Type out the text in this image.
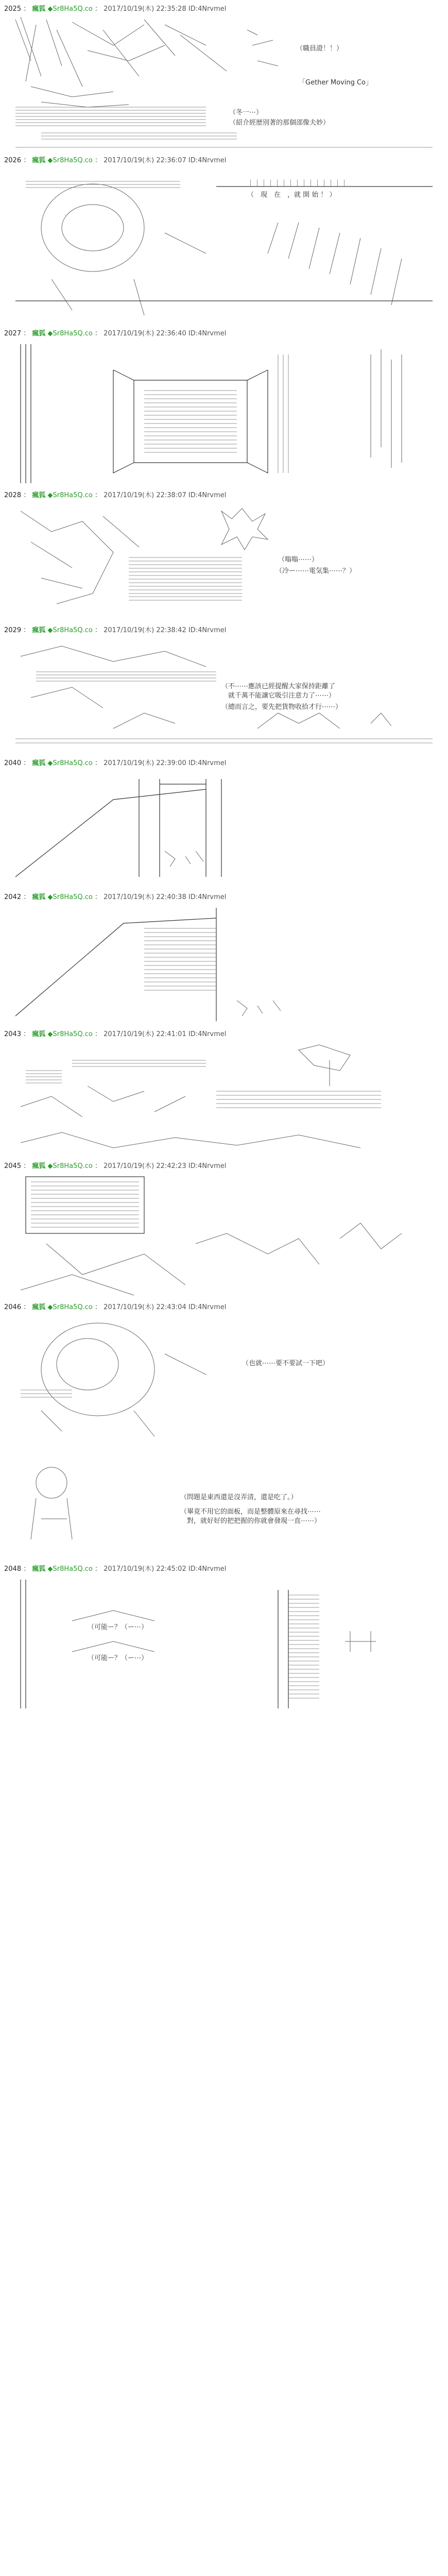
2025 ： 瘋狐 ◆Sr8Ha5Q.co ： 2017/10/19(木) 22:35:28 ID:4Nrvmel
（職員證！！）
「Gether Moving Co」
（冬一⋯）
（紹介經歴別著的那個邵像夫妙）
2026 ： 瘋狐 ◆Sr8Ha5Q.co ： 2017/10/19(木) 22:36:07 ID:4Nrvmel
｜｜｜｜｜｜｜｜｜｜｜｜｜｜｜
（　現　在　，就 開 始 ！ ）
2027 ： 瘋狐 ◆Sr8Ha5Q.co ： 2017/10/19(木) 22:36:40 ID:4Nrvmel
2028 ： 瘋狐 ◆Sr8Ha5Q.co ： 2017/10/19(木) 22:38:07 ID:4Nrvmel
（嗡嗡⋯⋯）
（冷ー⋯⋯電気集⋯⋯？）
2029 ： 瘋狐 ◆Sr8Ha5Q.co ： 2017/10/19(木) 22:38:42 ID:4Nrvmel
（不⋯⋯應該已經提醒大家保持距離了
　就千萬不能讓它吸引注意力了⋯⋯）
（總而言之，要先把貨物收拾才行⋯⋯）
2040 ： 瘋狐 ◆Sr8Ha5Q.co ： 2017/10/19(木) 22:39:00 ID:4Nrvmel
2042 ： 瘋狐 ◆Sr8Ha5Q.co ： 2017/10/19(木) 22:40:38 ID:4Nrvmel
2043 ： 瘋狐 ◆Sr8Ha5Q.co ： 2017/10/19(木) 22:41:01 ID:4Nrvmel
2045 ： 瘋狐 ◆Sr8Ha5Q.co ： 2017/10/19(木) 22:42:23 ID:4Nrvmel
2046 ： 瘋狐 ◆Sr8Ha5Q.co ： 2017/10/19(木) 22:43:04 ID:4Nrvmel
（也就⋯⋯要不要試一下吧）
（問題是東西還是沒弄清，還是吃了。）
（畢竟不用它的面板，而是整體原來在尋找⋯⋯
　對，就好好的把把握的你就會發現一直⋯⋯）
2048 ： 瘋狐 ◆Sr8Ha5Q.co ： 2017/10/19(木) 22:45:02 ID:4Nrvmel
（可能ー？（ー⋯）
（可能ー？（ー⋯）
